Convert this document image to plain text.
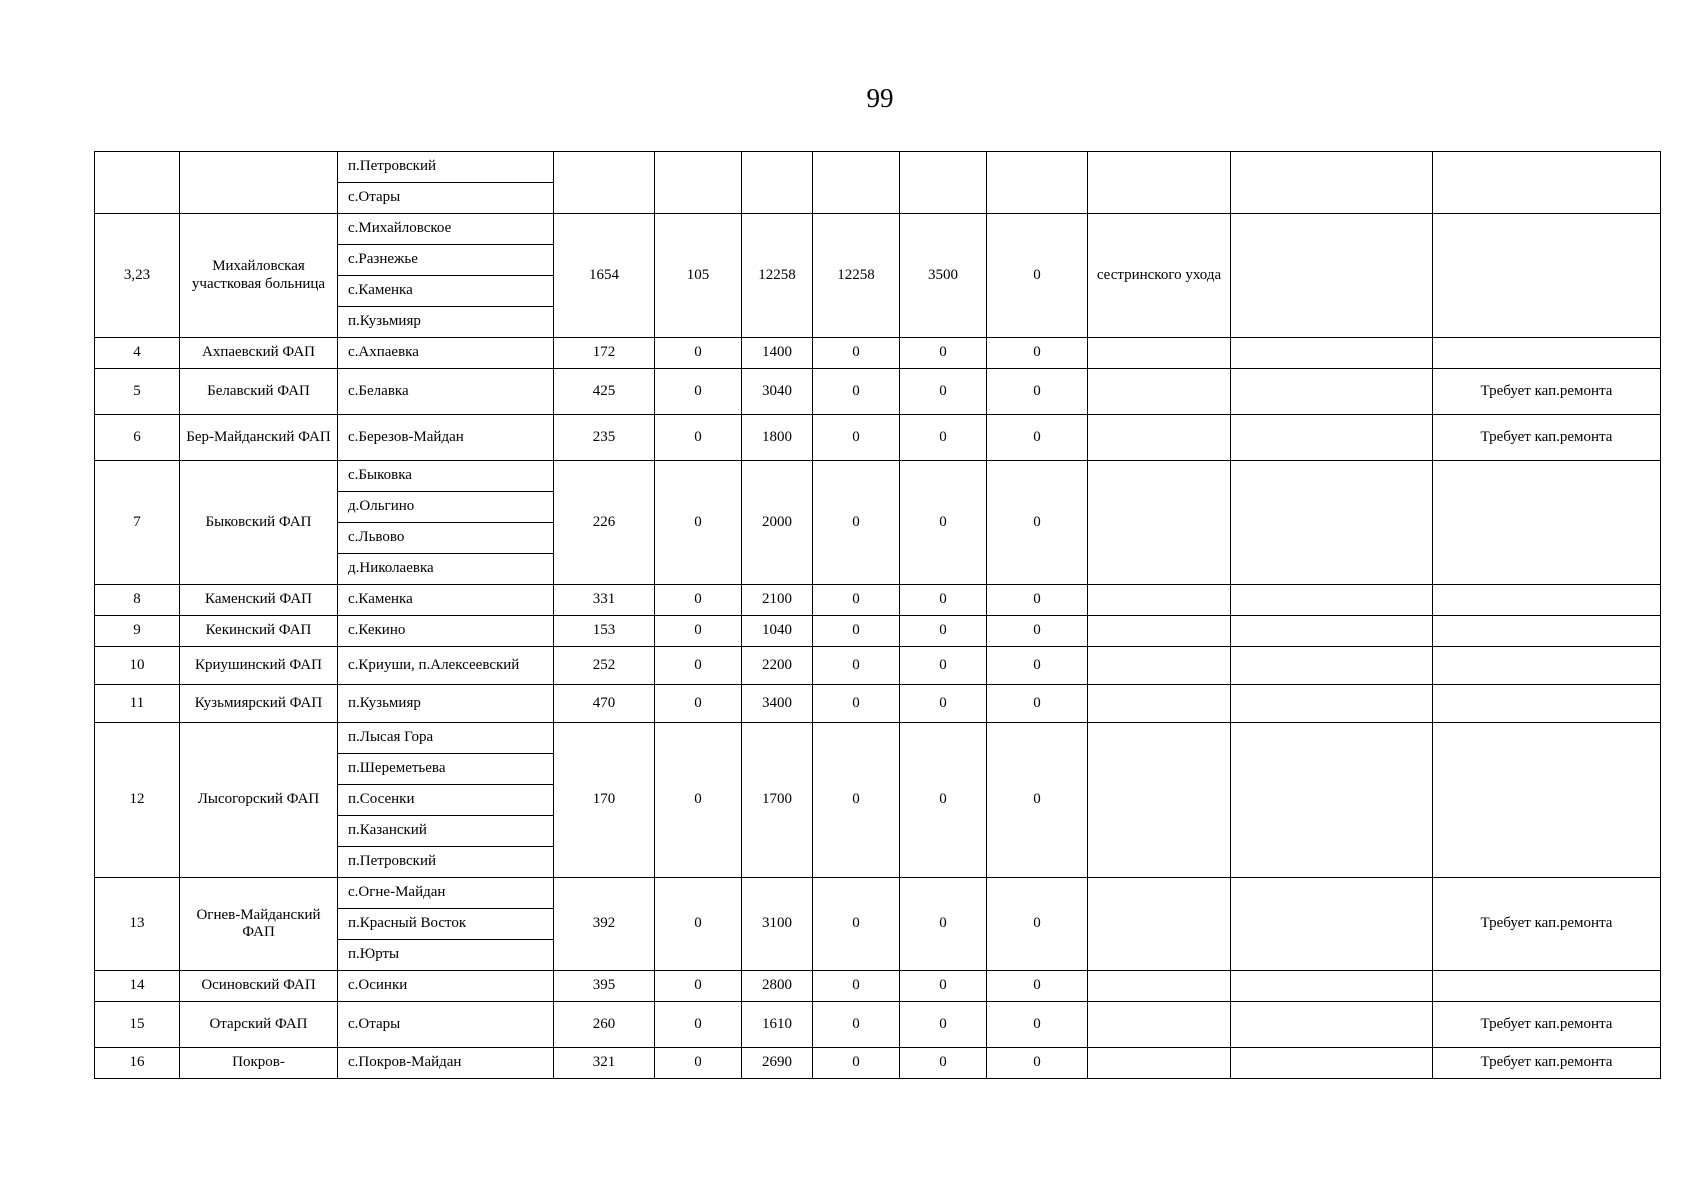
99
		п.Петровский									
		с.Отары									
3,23	Михайловская участковая больница	с.Михайловское	1654	105	12258	12258	3500	0	сестринского ухода		
		с.Разнежье									
		с.Каменка									
		п.Кузьмияр									
4	Ахпаевский ФАП	с.Ахпаевка	172	0	1400	0	0	0			
5	Белавский ФАП	с.Белавка	425	0	3040	0	0	0			Требует кап.ремонта
6	Бер-Майданский ФАП	с.Березов-Майдан	235	0	1800	0	0	0			Требует кап.ремонта
7	Быковский ФАП	с.Быковка	226	0	2000	0	0	0			
		д.Ольгино									
		с.Львово									
		д.Николаевка									
8	Каменский ФАП	с.Каменка	331	0	2100	0	0	0			
9	Кекинский ФАП	с.Кекино	153	0	1040	0	0	0			
10	Криушинский ФАП	с.Криуши, п.Алексеевский	252	0	2200	0	0	0			
11	Кузьмиярский ФАП	п.Кузьмияр	470	0	3400	0	0	0			
12	Лысогорский ФАП	п.Лысая Гора	170	0	1700	0	0	0			
		п.Шереметьева									
		п.Сосенки									
		п.Казанский									
		п.Петровский									
13	Огнев-Майданский ФАП	с.Огне-Майдан	392	0	3100	0	0	0			Требует кап.ремонта
		п.Красный Восток									
		п.Юрты									
14	Осиновский ФАП	с.Осинки	395	0	2800	0	0	0			
15	Отарский ФАП	с.Отары	260	0	1610	0	0	0			Требует кап.ремонта
16	Покров-	с.Покров-Майдан	321	0	2690	0	0	0			Требует кап.ремонта
